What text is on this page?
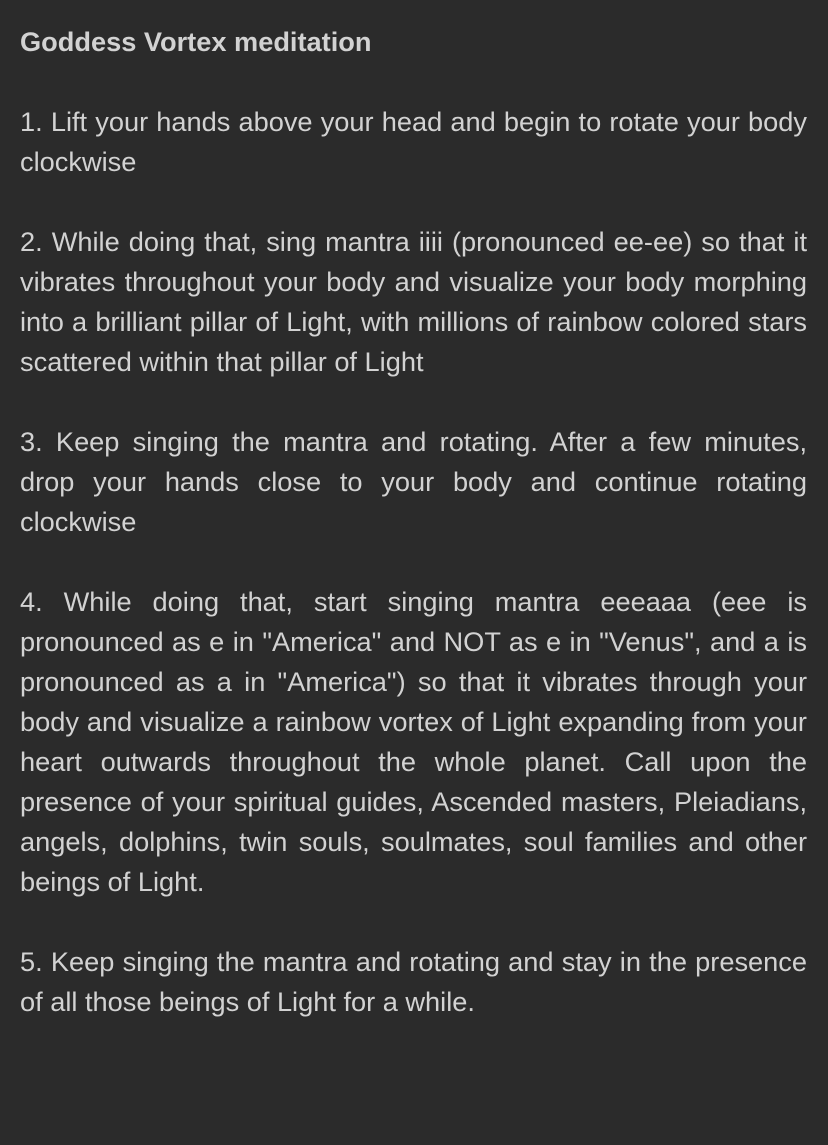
Goddess Vortex meditation
1. Lift your hands above your head and begin to rotate your body clockwise
2. While doing that, sing mantra iiii (pronounced ee-ee) so that it vibrates throughout your body and visualize your body morphing into a brilliant pillar of Light, with millions of rainbow colored stars scattered within that pillar of Light
3. Keep singing the mantra and rotating. After a few minutes, drop your hands close to your body and continue rotating clockwise
4. While doing that, start singing mantra eeeaaa (eee is pronounced as e in "America" and NOT as e in "Venus", and a is pronounced as a in "America") so that it vibrates through your body and visualize a rainbow vortex of Light expanding from your heart outwards throughout the whole planet. Call upon the presence of your spiritual guides, Ascended masters, Pleiadians, angels, dolphins, twin souls, soulmates, soul families and other beings of Light.
5. Keep singing the mantra and rotating and stay in the presence of all those beings of Light for a while.
